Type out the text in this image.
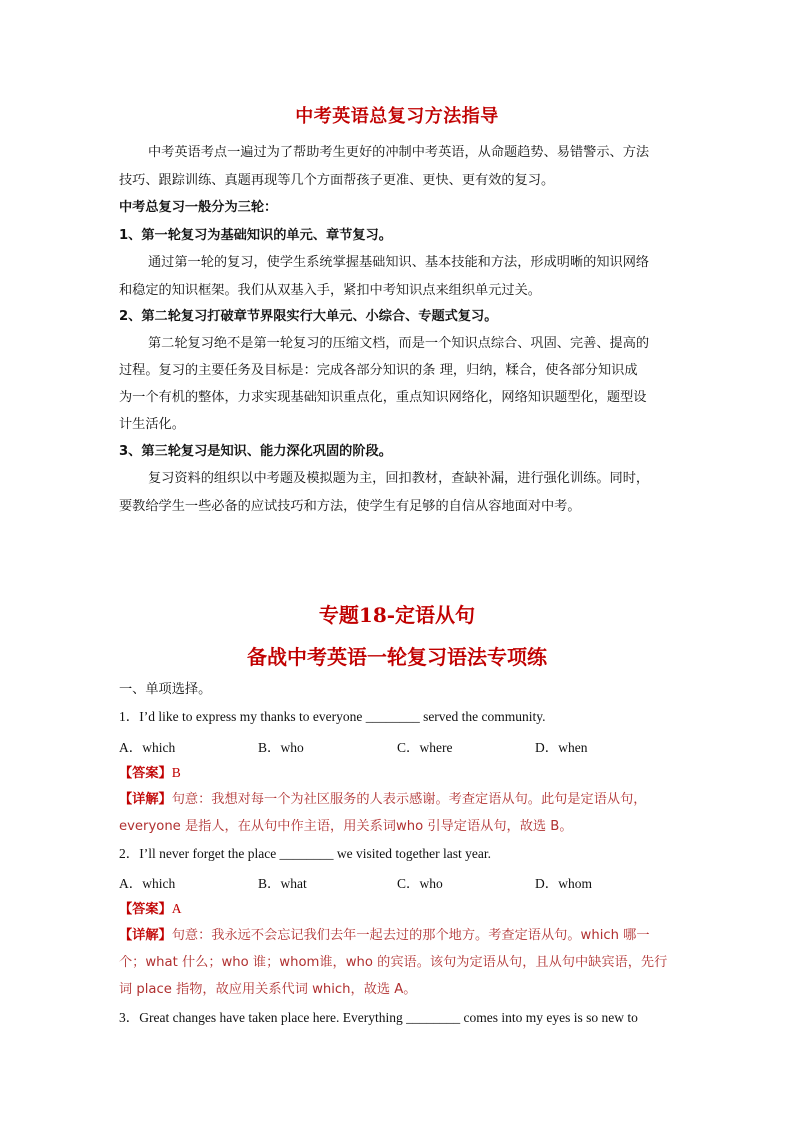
中考英语总复习方法指导
中考英语考点一遍过为了帮助考生更好的冲制中考英语，从命题趋势、易错警示、方法
技巧、跟踪训练、真题再现等几个方面帮孩子更准、更快、更有效的复习。
中考总复习一般分为三轮：
1、第一轮复习为基础知识的单元、章节复习。
通过第一轮的复习，使学生系统掌握基础知识、基本技能和方法，形成明晰的知识网络
和稳定的知识框架。我们从双基入手，紧扣中考知识点来组织单元过关。
2、第二轮复习打破章节界限实行大单元、小综合、专题式复习。
第二轮复习绝不是第一轮复习的压缩文档，而是一个知识点综合、巩固、完善、提高的
过程。复习的主要任务及目标是：完成各部分知识的条 理，归纳，糅合，使各部分知识成
为一个有机的整体，力求实现基础知识重点化，重点知识网络化，网络知识题型化，题型设
计生活化。
3、第三轮复习是知识、能力深化巩固的阶段。
复习资料的组织以中考题及模拟题为主，回扣教材，查缺补漏，进行强化训练。同时，
要教给学生一些必备的应试技巧和方法，使学生有足够的自信从容地面对中考。
专题18-定语从句
备战中考英语一轮复习语法专项练
一、单项选择。
1．I’d like to express my thanks to everyone ________ served the community.
A．which	B．who	C．where	D．when
【答案】B
【详解】句意：我想对每一个为社区服务的人表示感谢。考查定语从句。此句是定语从句，
everyone 是指人，在从句中作主语，用关系词who 引导定语从句，故选 B。
2．I’ll never forget the place ________ we visited together last year.
A．which	B．what	C．who	D．whom
【答案】A
【详解】句意：我永远不会忘记我们去年一起去过的那个地方。考查定语从句。which 哪一
个；what 什么；who 谁；whom谁，who 的宾语。该句为定语从句，且从句中缺宾语，先行
词 place 指物，故应用关系代词 which，故选 A。
3．Great changes have taken place here. Everything ________ comes into my eyes is so new to
